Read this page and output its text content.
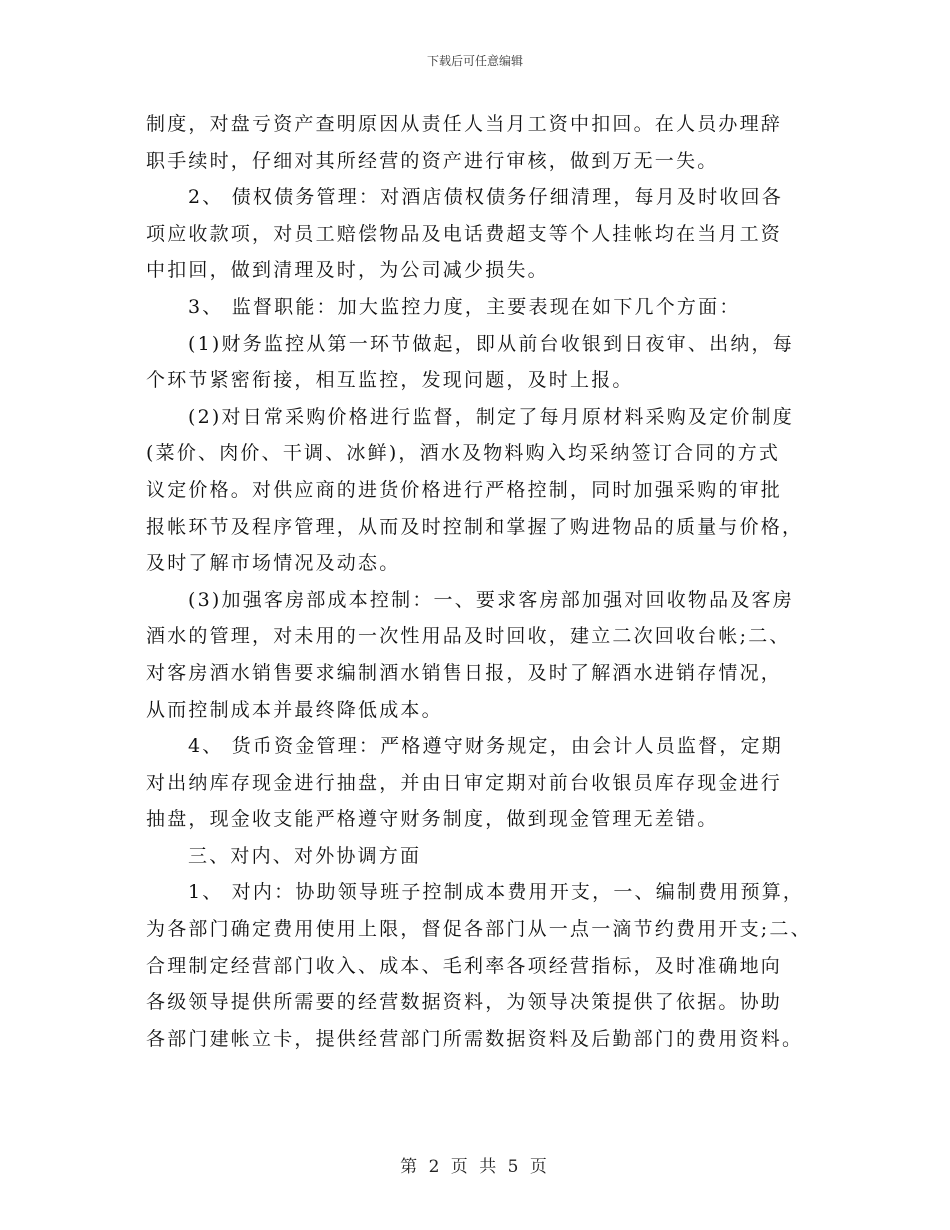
下载后可任意编辑
制度，对盘亏资产查明原因从责任人当月工资中扣回。在人员办理辞
职手续时，仔细对其所经营的资产进行审核，做到万无一失。
2、 债权债务管理：对酒店债权债务仔细清理，每月及时收回各
项应收款项，对员工赔偿物品及电话费超支等个人挂帐均在当月工资
中扣回，做到清理及时，为公司减少损失。
3、 监督职能：加大监控力度，主要表现在如下几个方面：
(1)财务监控从第一环节做起，即从前台收银到日夜审、出纳，每
个环节紧密衔接，相互监控，发现问题，及时上报。
(2)对日常采购价格进行监督，制定了每月原材料采购及定价制度
(菜价、肉价、干调、冰鲜)，酒水及物料购入均采纳签订合同的方式
议定价格。对供应商的进货价格进行严格控制，同时加强采购的审批
报帐环节及程序管理，从而及时控制和掌握了购进物品的质量与价格，
及时了解市场情况及动态。
(3)加强客房部成本控制：一、要求客房部加强对回收物品及客房
酒水的管理，对未用的一次性用品及时回收，建立二次回收台帐;二、
对客房酒水销售要求编制酒水销售日报，及时了解酒水进销存情况，
从而控制成本并最终降低成本。
4、 货币资金管理：严格遵守财务规定，由会计人员监督，定期
对出纳库存现金进行抽盘，并由日审定期对前台收银员库存现金进行
抽盘，现金收支能严格遵守财务制度，做到现金管理无差错。
三、对内、对外协调方面
1、 对内：协助领导班子控制成本费用开支，一、编制费用预算，
为各部门确定费用使用上限，督促各部门从一点一滴节约费用开支;二、
合理制定经营部门收入、成本、毛利率各项经营指标，及时准确地向
各级领导提供所需要的经营数据资料，为领导决策提供了依据。协助
各部门建帐立卡，提供经营部门所需数据资料及后勤部门的费用资料。
第 2 页 共 5 页
